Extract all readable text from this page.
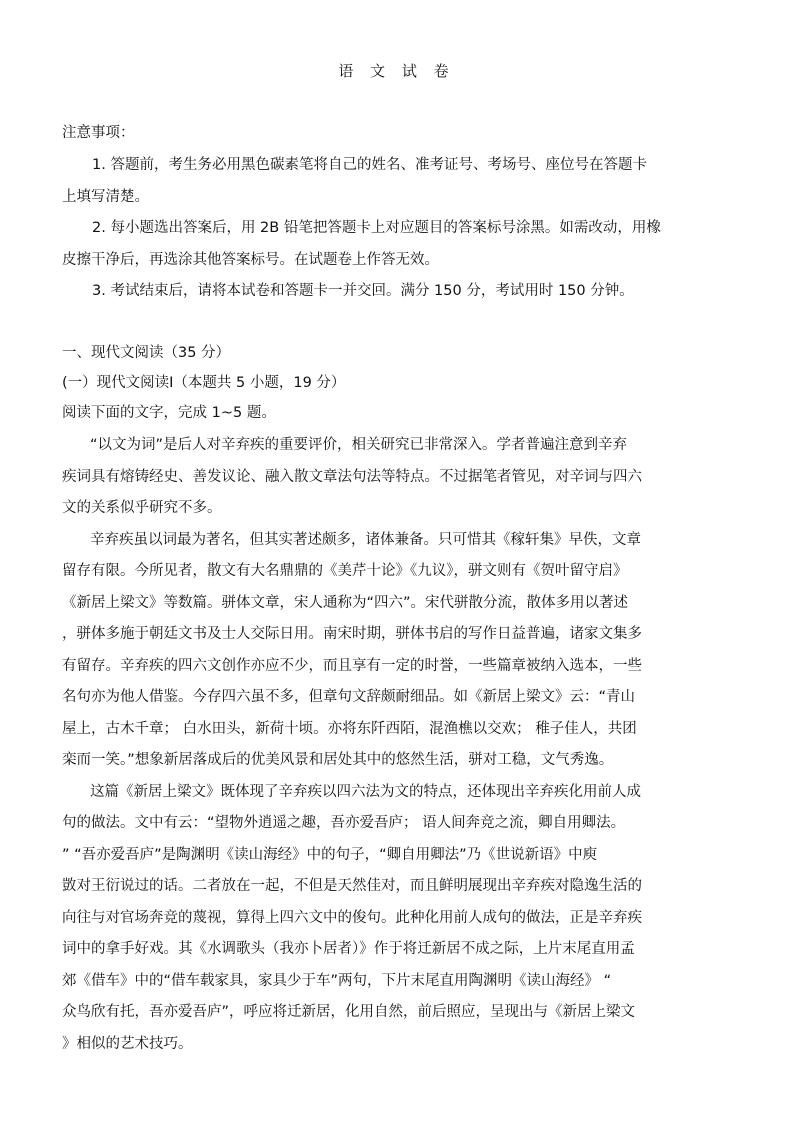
语 文 试 卷
注意事项：
1. 答题前，考生务必用黑色碳素笔将自己的姓名、准考证号、考场号、座位号在答题卡
上填写清楚。
2. 每小题选出答案后，用 2B 铅笔把答题卡上对应题目的答案标号涂黑。如需改动，用橡
皮擦干净后，再选涂其他答案标号。在试题卷上作答无效。
3. 考试结束后，请将本试卷和答题卡一并交回。满分 150 分，考试用时 150 分钟。
一、现代文阅读（35 分）
(一）现代文阅读Ⅰ（本题共 5 小题，19 分）
阅读下面的文字，完成 1~5 题。
“以文为词”是后人对辛弃疾的重要评价，相关研究已非常深入。学者普遍注意到辛弃
疾词具有熔铸经史、善发议论、融入散文章法句法等特点。不过据笔者管见，对辛词与四六
文的关系似乎研究不多。
辛弃疾虽以词最为著名，但其实著述颇多，诸体兼备。只可惜其《稼轩集》早佚，文章
留存有限。今所见者，散文有大名鼎鼎的《美芹十论》《九议》，骈文则有《贺叶留守启》
《新居上梁文》等数篇。骈体文章，宋人通称为“四六”。宋代骈散分流，散体多用以著述
，骈体多施于朝廷文书及士人交际日用。南宋时期，骈体书启的写作日益普遍，诸家文集多
有留存。辛弃疾的四六文创作亦应不少，而且享有一定的时誉，一些篇章被纳入选本，一些
名句亦为他人借鉴。今存四六虽不多，但章句文辞颇耐细品。如《新居上梁文》云：“青山
屋上，古木千章； 白水田头，新荷十顷。亦将东阡西陌，混渔樵以交欢； 稚子佳人，共团
栾而一笑。”想象新居落成后的优美风景和居处其中的悠然生活，骈对工稳，文气秀逸。
这篇《新居上梁文》既体现了辛弃疾以四六法为文的特点，还体现出辛弃疾化用前人成
句的做法。文中有云：“望物外逍遥之趣，吾亦爱吾庐； 语人间奔竞之流，卿自用卿法。
” “吾亦爱吾庐”是陶渊明《读山海经》中的句子，“卿自用卿法”乃《世说新语》中庾
敳对王衍说过的话。二者放在一起，不但是天然佳对，而且鲜明展现出辛弃疾对隐逸生活的
向往与对官场奔竞的蔑视，算得上四六文中的俊句。此种化用前人成句的做法，正是辛弃疾
词中的拿手好戏。其《水调歌头（我亦卜居者）》作于将迁新居不成之际，上片末尾直用孟
郊《借车》中的“借车载家具，家具少于车”两句，下片末尾直用陶渊明《读山海经》 “
众鸟欣有托，吾亦爱吾庐”，呼应将迁新居，化用自然，前后照应，呈现出与《新居上梁文
》相似的艺术技巧。
